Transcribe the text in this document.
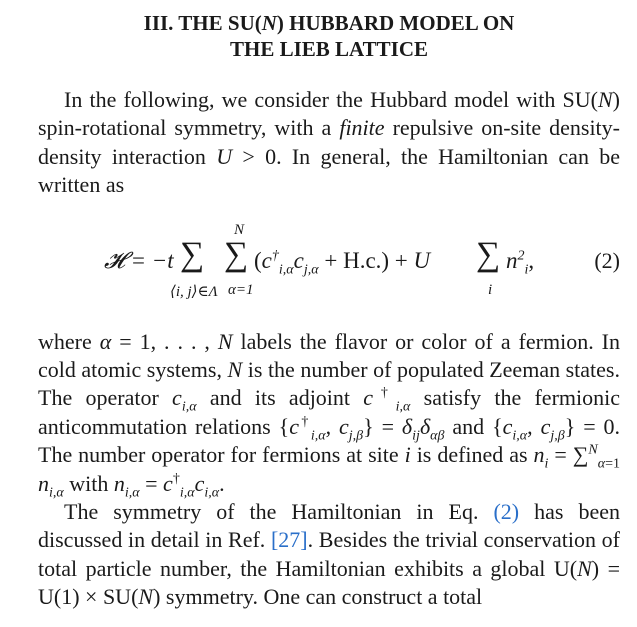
III. THE SU(N) HUBBARD MODEL ON
THE LIEB LATTICE

In the following, we consider the Hubbard model with SU(N) spin-rotational symmetry, with a finite repulsive on-site density-density interaction U > 0. In general, the Hamiltonian can be written as

𝓗 = −t ∑
⟨i, j⟩∈Λ
∑
N
α=1
$(c^\dagger_{i,\alpha}c_{j,\alpha} + H.c.) + U$ ∑
i
$n^2_i$,	(2)

where α = 1, . . . , N labels the flavor or color of a fermion. In cold atomic systems, N is the number of populated Zeeman states. The operator $c_{i,\alpha}$ and its adjoint $c^\dagger_{i,\alpha}$ satisfy the fermionic anticommutation relations {$c^\dagger_{i,\alpha}$, $c_{j,\beta}\} = \delta_{ij}\delta_{\alpha\beta}$ and {$c_{i,\alpha}$, $c_{j,\beta}\} = 0$. The number operator for fermions at site i is defined as $n_i = \sum^N_{\alpha=1}$ $n_{i,\alpha}$ with $n_{i,\alpha} = c^\dagger_{i,\alpha}c_{i,\alpha}$.

The symmetry of the Hamiltonian in Eq. (2) has been discussed in detail in Ref. [27]. Besides the trivial conservation of total particle number, the Hamiltonian exhibits a global U(N) = U(1) × SU(N) symmetry. One can construct a total
